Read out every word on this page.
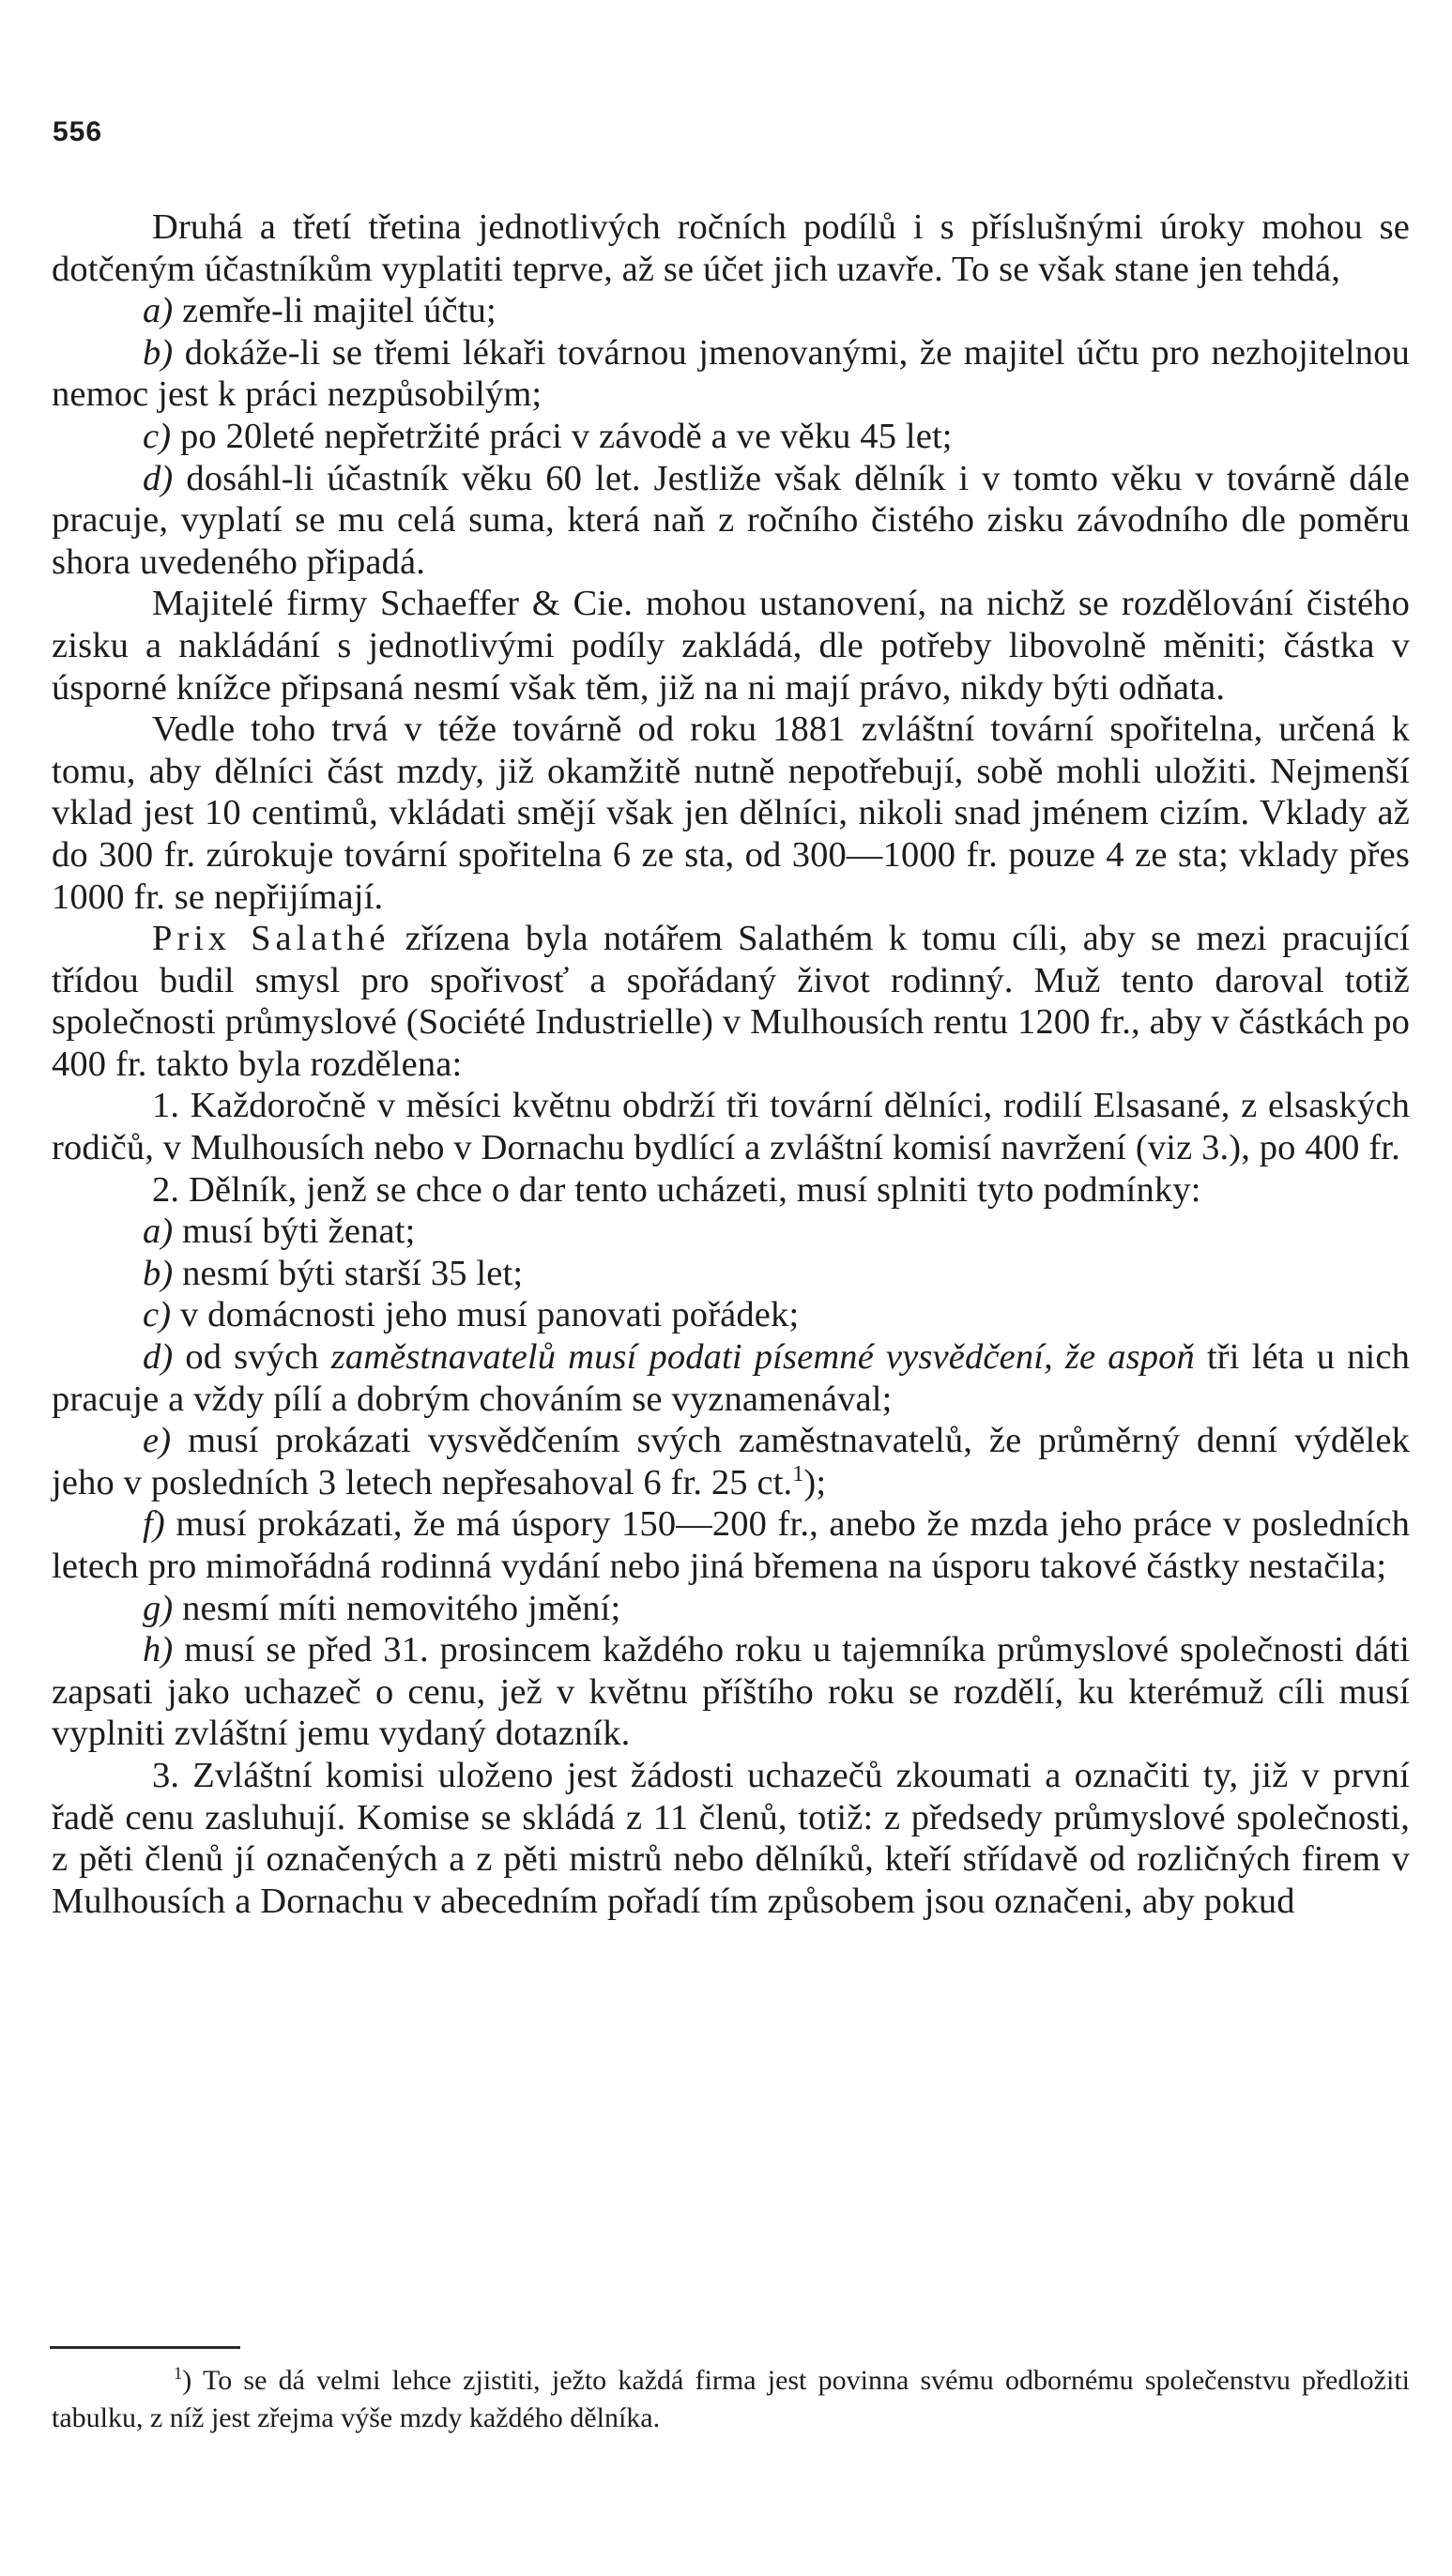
556

Druhá a třetí třetina jednotlivých ročních podílů i s příslušnými úroky mohou se dotčeným účastníkům vyplatiti teprve, až se účet jich uzavře. To se však stane jen tehdá,

a) zemře-li majitel účtu;

b) dokáže-li se třemi lékaři továrnou jmenovanými, že majitel účtu pro nezhojitelnou nemoc jest k práci nezpůsobilým;

c) po 20leté nepřetržité práci v závodě a ve věku 45 let;

d) dosáhl-li účastník věku 60 let. Jestliže však dělník i v tomto věku v továrně dále pracuje, vyplatí se mu celá suma, která naň z ročního čistého zisku závodního dle poměru shora uvedeného připadá.

Majitelé firmy Schaeffer & Cie. mohou ustanovení, na nichž se rozdělování čistého zisku a nakládání s jednotlivými podíly zakládá, dle potřeby libovolně měniti; částka v úsporné knížce připsaná nesmí však těm, již na ni mají právo, nikdy býti odňata.

Vedle toho trvá v téže továrně od roku 1881 zvláštní tovární spořitelna, určená k tomu, aby dělníci část mzdy, již okamžitě nutně nepotřebují, sobě mohli uložiti. Nejmenší vklad jest 10 centimů, vkládati smějí však jen dělníci, nikoli snad jménem cizím. Vklady až do 300 fr. zúrokuje tovární spořitelna 6 ze sta, od 300—1000 fr. pouze 4 ze sta; vklady přes 1000 fr. se nepřijímají.

Prix Salathé zřízena byla notářem Salathém k tomu cíli, aby se mezi pracující třídou budil smysl pro spořivosť a spořádaný život rodinný. Muž tento daroval totiž společnosti průmyslové (Société Industrielle) v Mulhousích rentu 1200 fr., aby v částkách po 400 fr. takto byla rozdělena:

1. Každoročně v měsíci květnu obdrží tři tovární dělníci, rodilí Elsasané, z elsaských rodičů, v Mulhousích nebo v Dornachu bydlící a zvláštní komisí navržení (viz 3.), po 400 fr.

2. Dělník, jenž se chce o dar tento ucházeti, musí splniti tyto podmínky:

a) musí býti ženat;

b) nesmí býti starší 35 let;

c) v domácnosti jeho musí panovati pořádek;

d) od svých zaměstnavatelů musí podati písemné vysvědčení, že aspoň tři léta u nich pracuje a vždy pílí a dobrým chováním se vyznamenával;

e) musí prokázati vysvědčením svých zaměstnavatelů, že průměrný denní výdělek jeho v posledních 3 letech nepřesahoval 6 fr. 25 ct.$^1$);

f) musí prokázati, že má úspory 150—200 fr., anebo že mzda jeho práce v posledních letech pro mimořádná rodinná vydání nebo jiná břemena na úsporu takové částky nestačila;

g) nesmí míti nemovitého jmění;

h) musí se před 31. prosincem každého roku u tajemníka průmyslové společnosti dáti zapsati jako uchazeč o cenu, jež v květnu příštího roku se rozdělí, ku kterémuž cíli musí vyplniti zvláštní jemu vydaný dotazník.

3. Zvláštní komisi uloženo jest žádosti uchazečů zkoumati a označiti ty, již v první řadě cenu zasluhují. Komise se skládá z 11 členů, totiž: z předsedy průmyslové společnosti, z pěti členů jí označených a z pěti mistrů nebo dělníků, kteří střídavě od rozličných firem v Mulhousích a Dornachu v abecedním pořadí tím způsobem jsou označeni, aby pokud

$^1$) To se dá velmi lehce zjistiti, ježto každá firma jest povinna svému odbornému společenstvu předložiti tabulku, z níž jest zřejma výše mzdy každého dělníka.
